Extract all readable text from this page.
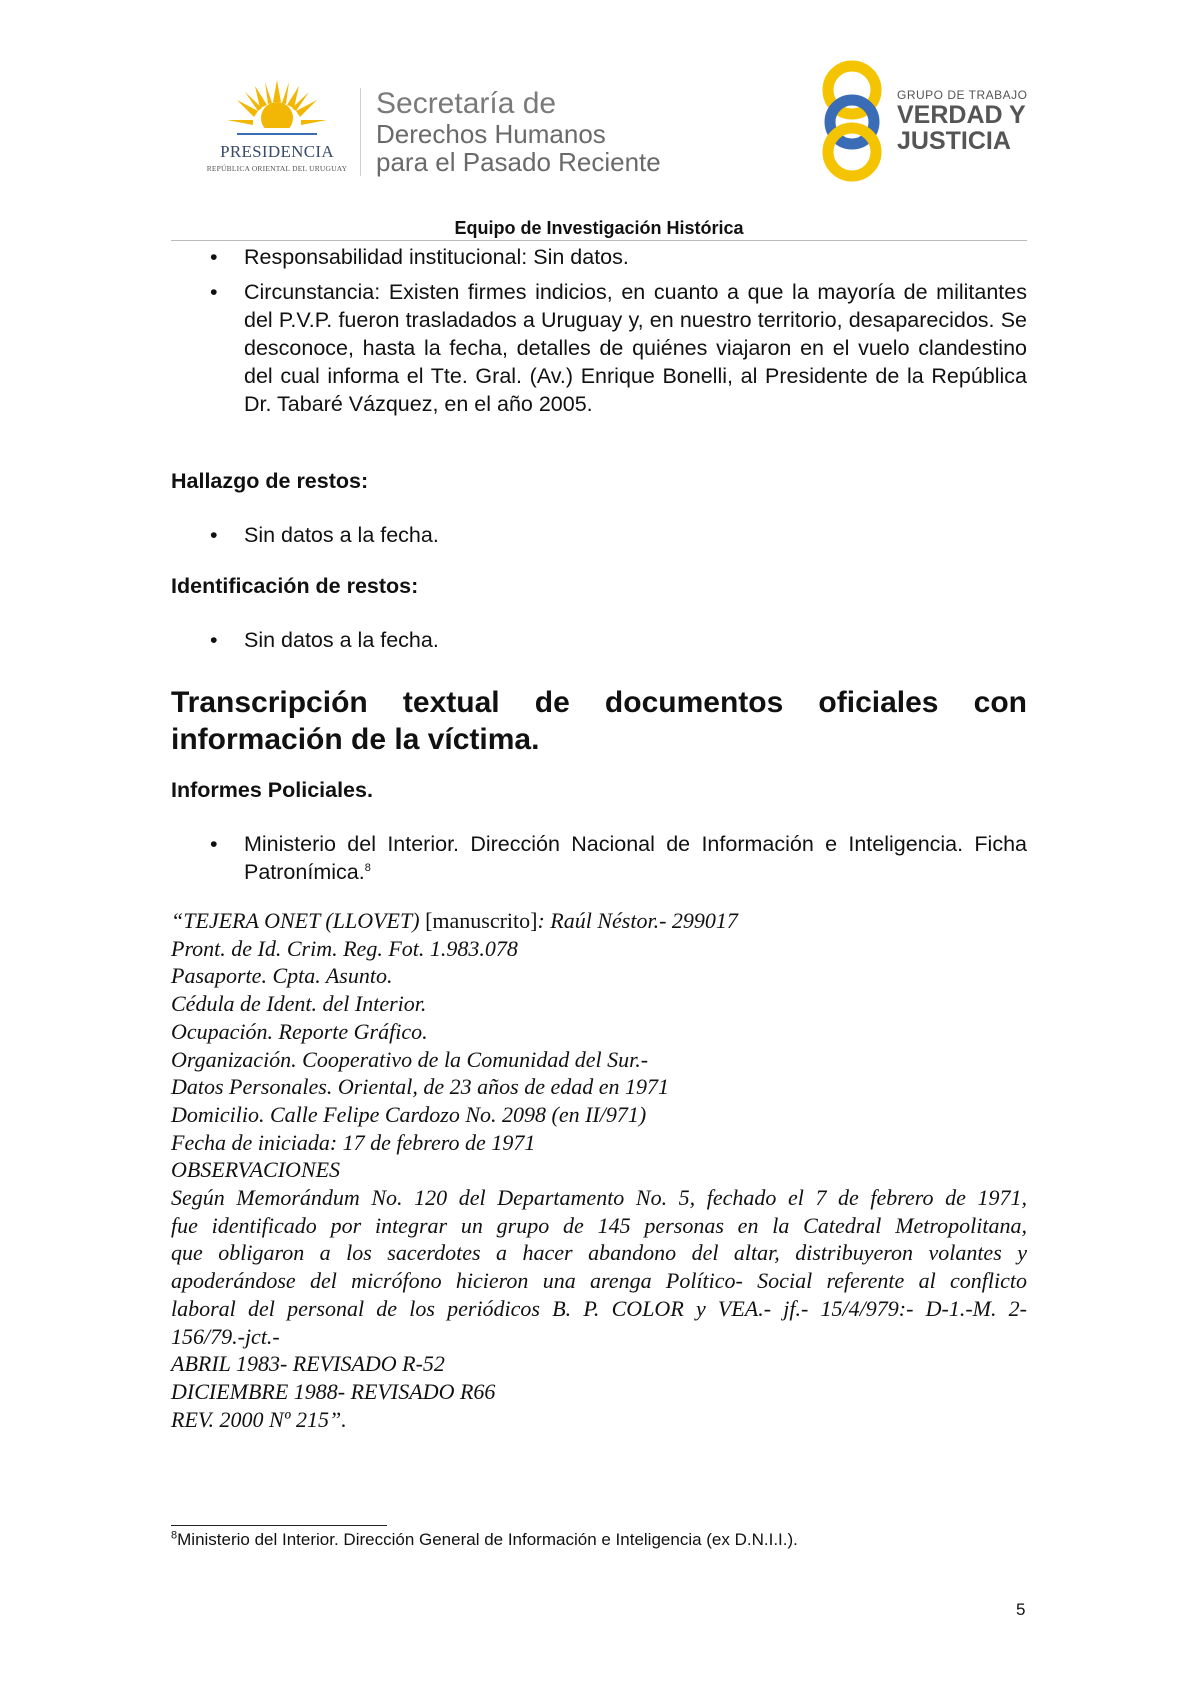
PRESIDENCIA
REPÚBLICA ORIENTAL DEL URUGUAY
Secretaría de
Derechos Humanos
para el Pasado Reciente
GRUPO DE TRABAJO
VERDAD Y
JUSTICIA
Equipo de Investigación Histórica
• Responsabilidad institucional: Sin datos.
• Circunstancia: Existen firmes indicios, en cuanto a que la mayoría de militantes del P.V.P. fueron trasladados a Uruguay y, en nuestro territorio, desaparecidos. Se desconoce, hasta la fecha, detalles de quiénes viajaron en el vuelo clandestino del cual informa el Tte. Gral. (Av.) Enrique Bonelli, al Presidente de la República Dr. Tabaré Vázquez, en el año 2005.
Hallazgo de restos:
• Sin datos a la fecha.
Identificación de restos:
• Sin datos a la fecha.
Transcripción textual de documentos oficiales con
información de la víctima.
Informes Policiales.
• Ministerio del Interior. Dirección Nacional de Información e Inteligencia. Ficha Patronímica.$^8$
“TEJERA ONET (LLOVET) [manuscrito]: Raúl Néstor.- 299017
Pront. de Id. Crim. Reg. Fot. 1.983.078
Pasaporte. Cpta. Asunto.
Cédula de Ident. del Interior.
Ocupación. Reporte Gráfico.
Organización. Cooperativo de la Comunidad del Sur.-
Datos Personales. Oriental, de 23 años de edad en 1971
Domicilio. Calle Felipe Cardozo No. 2098 (en II/971)
Fecha de iniciada: 17 de febrero de 1971
OBSERVACIONES
Según Memorándum No. 120 del Departamento No. 5, fechado el 7 de febrero de 1971,
fue identificado por integrar un grupo de 145 personas en la Catedral Metropolitana,
que obligaron a los sacerdotes a hacer abandono del altar, distribuyeron volantes y
apoderándose del micrófono hicieron una arenga Político- Social referente al conflicto
laboral del personal de los periódicos B. P. COLOR y VEA.- jf.- 15/4/979:- D-1.-M. 2-
156/79.-jct.-
ABRIL 1983- REVISADO R-52
DICIEMBRE 1988- REVISADO R66
REV. 2000 Nº 215”.
$^8$Ministerio del Interior. Dirección General de Información e Inteligencia (ex D.N.I.I.).
5
